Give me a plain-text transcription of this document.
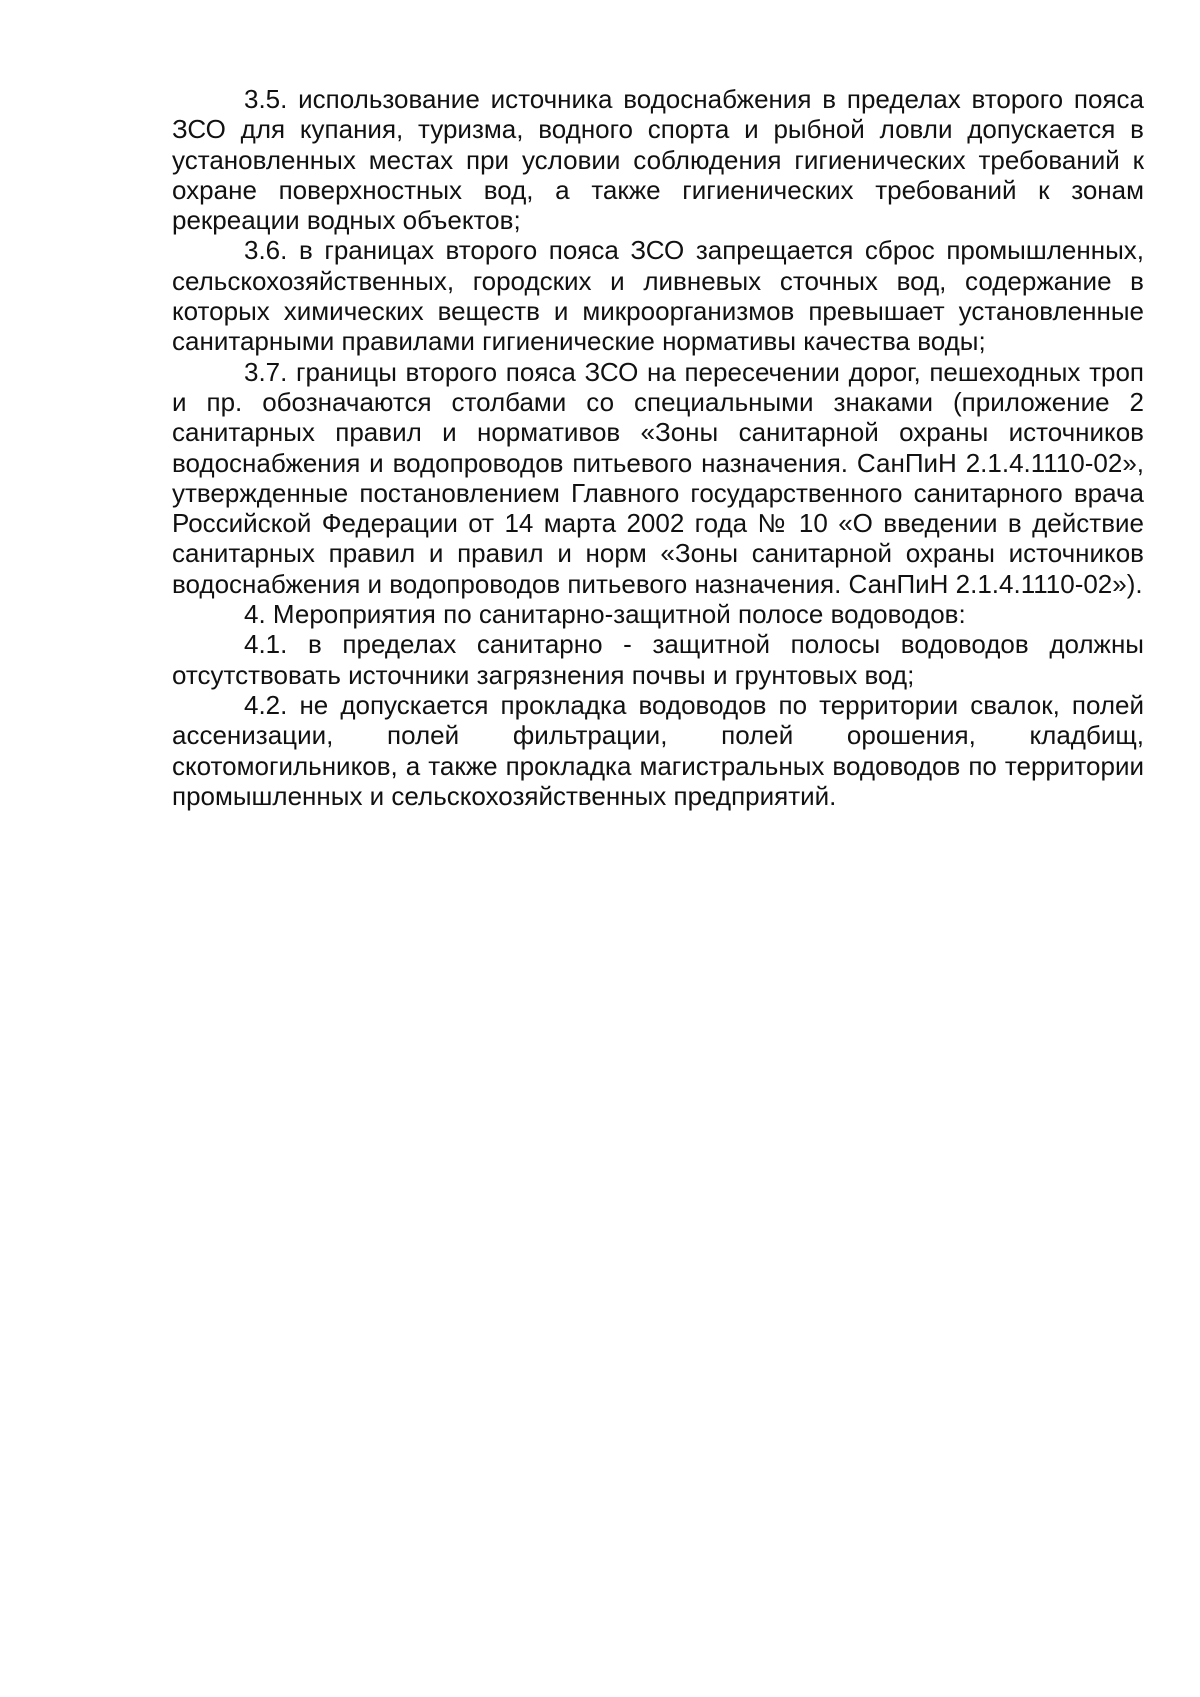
3.5. использование источника водоснабжения в пределах второго пояса ЗСО для купания, туризма, водного спорта и рыбной ловли допускается в установленных местах при условии соблюдения гигиенических требований к охране поверхностных вод, а также гигиенических требований к зонам рекреации водных объектов;

3.6. в границах второго пояса ЗСО запрещается сброс промышленных, сельскохозяйственных, городских и ливневых сточных вод, содержание в которых химических веществ и микроорганизмов превышает установленные санитарными правилами гигиенические нормативы качества воды;

3.7. границы второго пояса ЗСО на пересечении дорог, пешеходных троп и пр. обозначаются столбами со специальными знаками (приложение 2 санитарных правил и нормативов «Зоны санитарной охраны источников водоснабжения и водопроводов питьевого назначения. СанПиН 2.1.4.1110-02», утвержденные постановлением Главного государственного санитарного врача Российской Федерации от 14 марта 2002 года № 10 «О введении в действие санитарных правил и правил и норм «Зоны санитарной охраны источников водоснабжения и водопроводов питьевого назначения. СанПиН 2.1.4.1110-02»).

4. Мероприятия по санитарно-защитной полосе водоводов:

4.1. в пределах санитарно - защитной полосы водоводов должны отсутствовать источники загрязнения почвы и грунтовых вод;

4.2. не допускается прокладка водоводов по территории свалок, полей ассенизации, полей фильтрации, полей орошения, кладбищ, скотомогильников, а также прокладка магистральных водоводов по территории промышленных и сельскохозяйственных предприятий.
